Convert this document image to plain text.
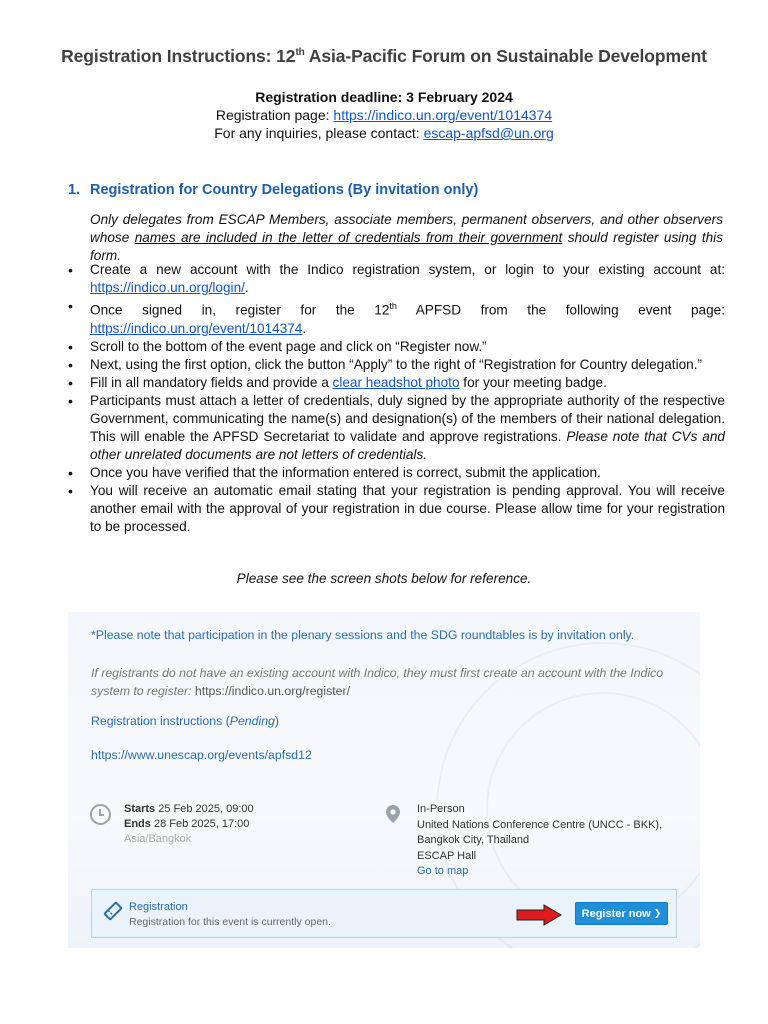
Registration Instructions: 12th Asia-Pacific Forum on Sustainable Development
Registration deadline: 3 February 2024
Registration page: https://indico.un.org/event/1014374
For any inquiries, please contact: escap-apfsd@un.org
1. Registration for Country Delegations (By invitation only)
Only delegates from ESCAP Members, associate members, permanent observers, and other observers whose names are included in the letter of credentials from their government should register using this form.
• Create a new account with the Indico registration system, or login to your existing account at: https://indico.un.org/login/.
• Once signed in, register for the 12th APFSD from the following event page: https://indico.un.org/event/1014374.
• Scroll to the bottom of the event page and click on “Register now.”
• Next, using the first option, click the button “Apply” to the right of “Registration for Country delegation.”
• Fill in all mandatory fields and provide a clear headshot photo for your meeting badge.
• Participants must attach a letter of credentials, duly signed by the appropriate authority of the respective Government, communicating the name(s) and designation(s) of the members of their national delegation. This will enable the APFSD Secretariat to validate and approve registrations. Please note that CVs and other unrelated documents are not letters of credentials.
• Once you have verified that the information entered is correct, submit the application.
• You will receive an automatic email stating that your registration is pending approval. You will receive another email with the approval of your registration in due course. Please allow time for your registration to be processed.
Please see the screen shots below for reference.
*Please note that participation in the plenary sessions and the SDG roundtables is by invitation only.
If registrants do not have an existing account with Indico, they must first create an account with the Indico system to register: https://indico.un.org/register/
Registration instructions (Pending)
https://www.unescap.org/events/apfsd12
Starts 25 Feb 2025, 09:00
Ends 28 Feb 2025, 17:00
Asia/Bangkok
In-Person
United Nations Conference Centre (UNCC - BKK),
Bangkok City, Thailand
ESCAP Hall
Go to map
Registration
Registration for this event is currently open.
Register now
❯
